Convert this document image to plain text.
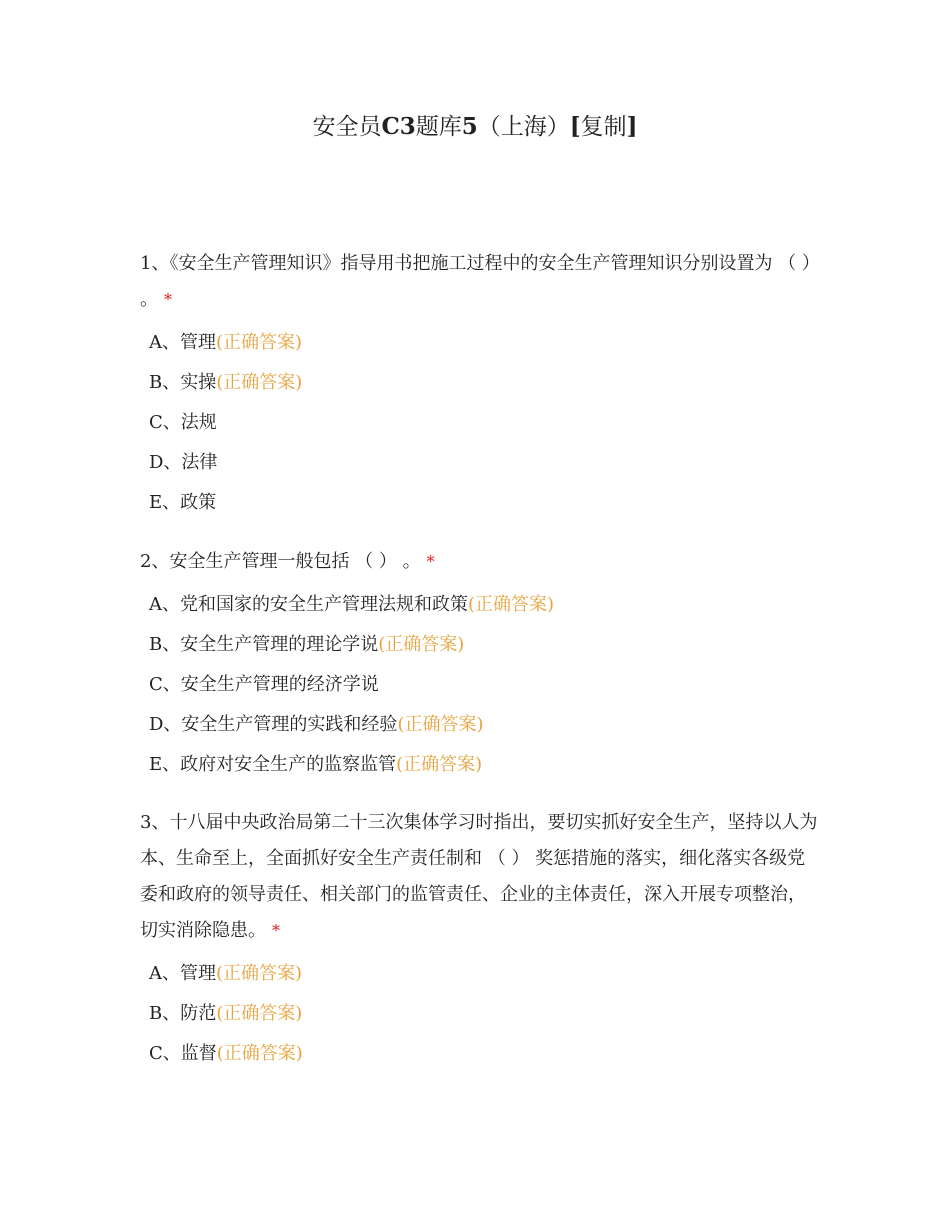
安全员C3题库5（上海）[复制]

1、《安全生产管理知识》指导用书把施工过程中的安全生产管理知识分别设置为 （ ） 。 *

A、管理(正确答案)
B、实操(正确答案)
C、法规
D、法律
E、政策

2、安全生产管理一般包括 （ ） 。 *

A、党和国家的安全生产管理法规和政策(正确答案)
B、安全生产管理的理论学说(正确答案)
C、安全生产管理的经济学说
D、安全生产管理的实践和经验(正确答案)
E、政府对安全生产的监察监管(正确答案)

3、十八届中央政治局第二十三次集体学习时指出，要切实抓好安全生产，坚持以人为本、生命至上，全面抓好安全生产责任制和 （ ） 奖惩措施的落实，细化落实各级党委和政府的领导责任、相关部门的监管责任、企业的主体责任，深入开展专项整治，切实消除隐患。 *

A、管理(正确答案)
B、防范(正确答案)
C、监督(正确答案)
